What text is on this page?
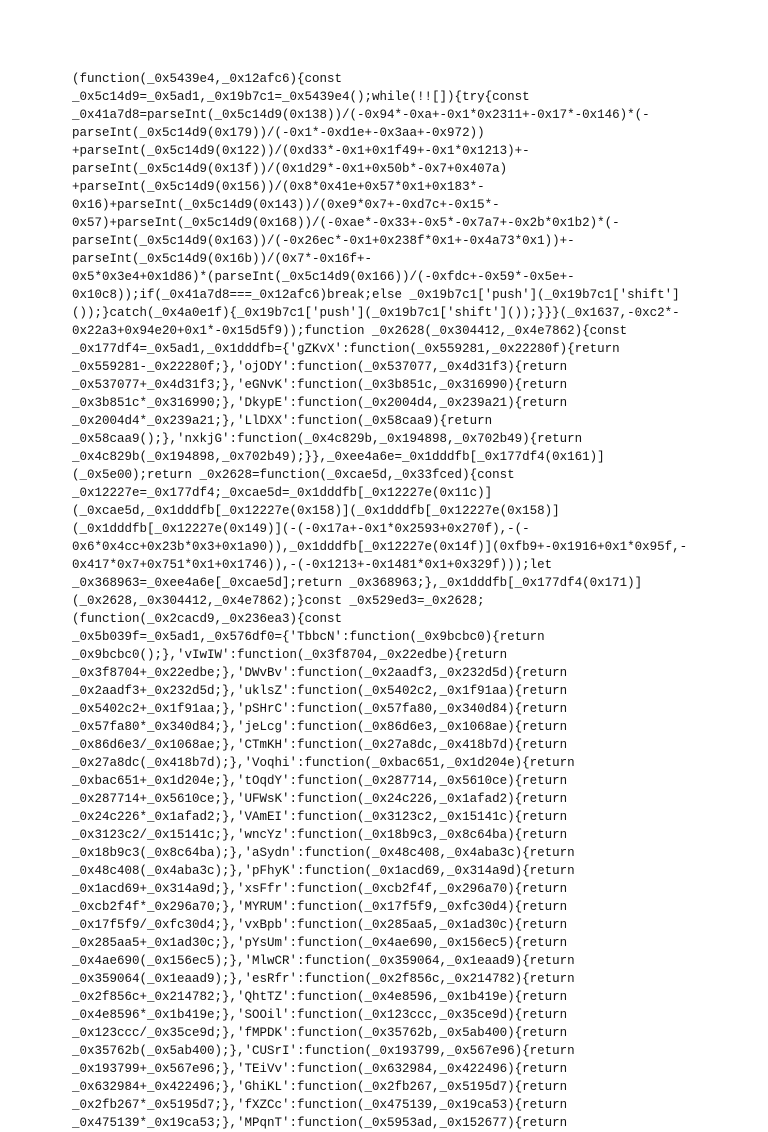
(function(_0x5439e4,_0x12afc6){const
_0x5c14d9=_0x5ad1,_0x19b7c1=_0x5439e4();while(!![]){try{const
_0x41a7d8=parseInt(_0x5c14d9(0x138))/(-0x94*-0xa+-0x1*0x2311+-0x17*-0x146)*(-
parseInt(_0x5c14d9(0x179))/(-0x1*-0xd1e+-0x3aa+-0x972))
+parseInt(_0x5c14d9(0x122))/(0xd33*-0x1+0x1f49+-0x1*0x1213)+-
parseInt(_0x5c14d9(0x13f))/(0x1d29*-0x1+0x50b*-0x7+0x407a)
+parseInt(_0x5c14d9(0x156))/(0x8*0x41e+0x57*0x1+0x183*-
0x16)+parseInt(_0x5c14d9(0x143))/(0xe9*0x7+-0xd7c+-0x15*-
0x57)+parseInt(_0x5c14d9(0x168))/(-0xae*-0x33+-0x5*-0x7a7+-0x2b*0x1b2)*(-
parseInt(_0x5c14d9(0x163))/(-0x26ec*-0x1+0x238f*0x1+-0x4a73*0x1))+-
parseInt(_0x5c14d9(0x16b))/(0x7*-0x16f+-
0x5*0x3e4+0x1d86)*(parseInt(_0x5c14d9(0x166))/(-0xfdc+-0x59*-0x5e+-
0x10c8));if(_0x41a7d8===_0x12afc6)break;else _0x19b7c1['push'](_0x19b7c1['shift']
());}catch(_0x4a0e1f){_0x19b7c1['push'](_0x19b7c1['shift']());}}}(_0x1637,-0xc2*-
0x22a3+0x94e20+0x1*-0x15d5f9));function _0x2628(_0x304412,_0x4e7862){const
_0x177df4=_0x5ad1,_0x1dddfb={'gZKvX':function(_0x559281,_0x22280f){return
_0x559281-_0x22280f;},'ojODY':function(_0x537077,_0x4d31f3){return
_0x537077+_0x4d31f3;},'eGNvK':function(_0x3b851c,_0x316990){return
_0x3b851c*_0x316990;},'DkypE':function(_0x2004d4,_0x239a21){return
_0x2004d4*_0x239a21;},'LlDXX':function(_0x58caa9){return
_0x58caa9();},'nxkjG':function(_0x4c829b,_0x194898,_0x702b49){return
_0x4c829b(_0x194898,_0x702b49);}},_0xee4a6e=_0x1dddfb[_0x177df4(0x161)]
(_0x5e00);return _0x2628=function(_0xcae5d,_0x33fced){const
_0x12227e=_0x177df4;_0xcae5d=_0x1dddfb[_0x12227e(0x11c)]
(_0xcae5d,_0x1dddfb[_0x12227e(0x158)](_0x1dddfb[_0x12227e(0x158)]
(_0x1dddfb[_0x12227e(0x149)](-(-0x17a+-0x1*0x2593+0x270f),-(-
0x6*0x4cc+0x23b*0x3+0x1a90)),_0x1dddfb[_0x12227e(0x14f)](0xfb9+-0x1916+0x1*0x95f,-
0x417*0x7+0x751*0x1+0x1746)),-(-0x1213+-0x1481*0x1+0x329f)));let
_0x368963=_0xee4a6e[_0xcae5d];return _0x368963;},_0x1dddfb[_0x177df4(0x171)]
(_0x2628,_0x304412,_0x4e7862);}const _0x529ed3=_0x2628;
(function(_0x2cacd9,_0x236ea3){const
_0x5b039f=_0x5ad1,_0x576df0={'TbbcN':function(_0x9bcbc0){return
_0x9bcbc0();},'vIwIW':function(_0x3f8704,_0x22edbe){return
_0x3f8704+_0x22edbe;},'DWvBv':function(_0x2aadf3,_0x232d5d){return
_0x2aadf3+_0x232d5d;},'uklsZ':function(_0x5402c2,_0x1f91aa){return
_0x5402c2+_0x1f91aa;},'pSHrC':function(_0x57fa80,_0x340d84){return
_0x57fa80*_0x340d84;},'jeLcg':function(_0x86d6e3,_0x1068ae){return
_0x86d6e3/_0x1068ae;},'CTmKH':function(_0x27a8dc,_0x418b7d){return
_0x27a8dc(_0x418b7d);},'Voqhi':function(_0xbac651,_0x1d204e){return
_0xbac651+_0x1d204e;},'tOqdY':function(_0x287714,_0x5610ce){return
_0x287714+_0x5610ce;},'UFWsK':function(_0x24c226,_0x1afad2){return
_0x24c226*_0x1afad2;},'VAmEI':function(_0x3123c2,_0x15141c){return
_0x3123c2/_0x15141c;},'wncYz':function(_0x18b9c3,_0x8c64ba){return
_0x18b9c3(_0x8c64ba);},'aSydn':function(_0x48c408,_0x4aba3c){return
_0x48c408(_0x4aba3c);},'pFhyK':function(_0x1acd69,_0x314a9d){return
_0x1acd69+_0x314a9d;},'xsFfr':function(_0xcb2f4f,_0x296a70){return
_0xcb2f4f*_0x296a70;},'MYRUM':function(_0x17f5f9,_0xfc30d4){return
_0x17f5f9/_0xfc30d4;},'vxBpb':function(_0x285aa5,_0x1ad30c){return
_0x285aa5+_0x1ad30c;},'pYsUm':function(_0x4ae690,_0x156ec5){return
_0x4ae690(_0x156ec5);},'MlwCR':function(_0x359064,_0x1eaad9){return
_0x359064(_0x1eaad9);},'esRfr':function(_0x2f856c,_0x214782){return
_0x2f856c+_0x214782;},'QhtTZ':function(_0x4e8596,_0x1b419e){return
_0x4e8596*_0x1b419e;},'SOOil':function(_0x123ccc,_0x35ce9d){return
_0x123ccc/_0x35ce9d;},'fMPDK':function(_0x35762b,_0x5ab400){return
_0x35762b(_0x5ab400);},'CUSrI':function(_0x193799,_0x567e96){return
_0x193799+_0x567e96;},'TEiVv':function(_0x632984,_0x422496){return
_0x632984+_0x422496;},'GhiKL':function(_0x2fb267,_0x5195d7){return
_0x2fb267*_0x5195d7;},'fXZCc':function(_0x475139,_0x19ca53){return
_0x475139*_0x19ca53;},'MPqnT':function(_0x5953ad,_0x152677){return
